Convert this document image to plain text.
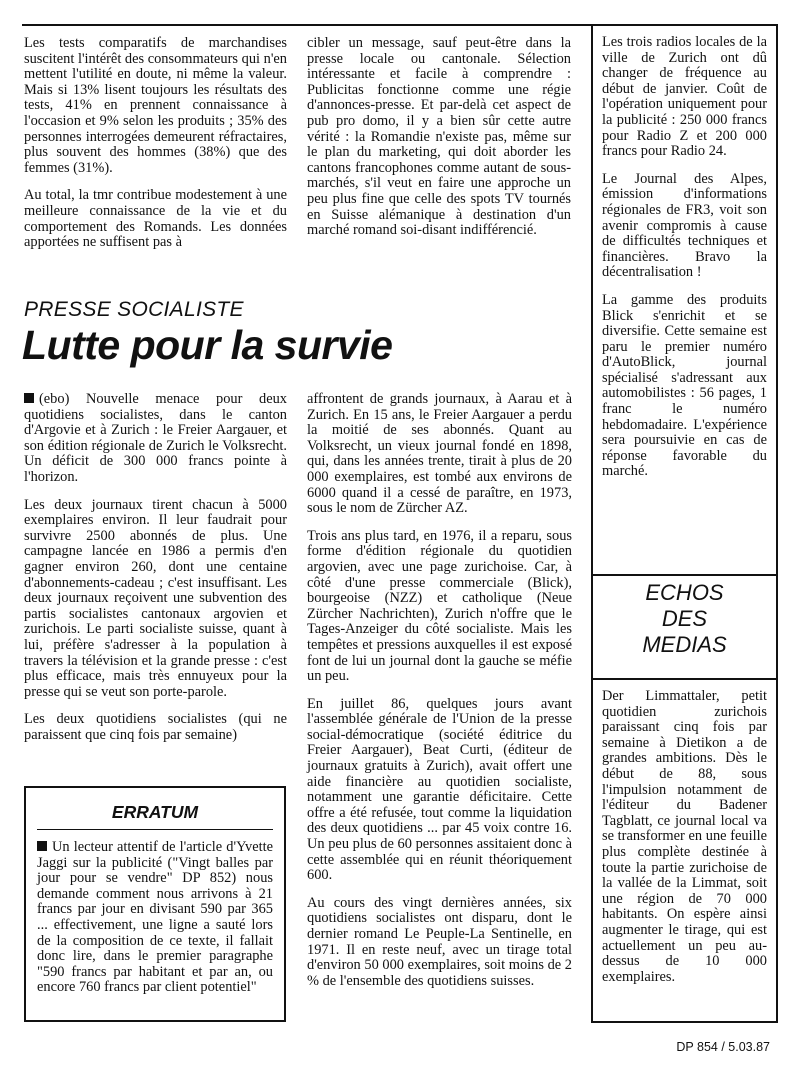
Les tests comparatifs de marchandises suscitent l'intérêt des consommateurs qui n'en mettent l'utilité en doute, ni même la valeur. Mais si 13% lisent toujours les résultats des tests, 41% en prennent connaissance à l'occasion et 9% selon les produits ; 35% des personnes interrogées demeurent réfractaires, plus souvent des hommes (38%) que des femmes (31%).

Au total, la tmr contribue modestement à une meilleure connaissance de la vie et du comportement des Romands. Les données apportées ne suffisent pas à

cibler un message, sauf peut-être dans la presse locale ou cantonale. Sélection intéressante et facile à comprendre : Publicitas fonctionne comme une régie d'annonces-presse. Et par-delà cet aspect de pub pro domo, il y a bien sûr cette autre vérité : la Romandie n'existe pas, même sur le plan du marketing, qui doit aborder les cantons francophones comme autant de sous-marchés, s'il veut en faire une approche un peu plus fine que celle des spots TV tournés en Suisse alémanique à destination d'un marché romand soi-disant indifférencié.

PRESSE SOCIALISTE
Lutte pour la survie

(ebo) Nouvelle menace pour deux quotidiens socialistes, dans le canton d'Argovie et à Zurich : le Freier Aargauer, et son édition régionale de Zurich le Volksrecht. Un déficit de 300 000 francs pointe à l'horizon.

Les deux journaux tirent chacun à 5000 exemplaires environ. Il leur faudrait pour survivre 2500 abonnés de plus. Une campagne lancée en 1986 a permis d'en gagner environ 260, dont une centaine d'abonnements-cadeau ; c'est insuffisant. Les deux journaux reçoivent une subvention des partis socialistes cantonaux argovien et zurichois. Le parti socialiste suisse, quant à lui, préfère s'adresser à la population à travers la télévision et la grande presse : c'est plus efficace, mais très ennuyeux pour la presse qui se veut son porte-parole.

Les deux quotidiens socialistes (qui ne paraissent que cinq fois par semaine)

affrontent de grands journaux, à Aarau et à Zurich. En 15 ans, le Freier Aargauer a perdu la moitié de ses abonnés. Quant au Volksrecht, un vieux journal fondé en 1898, qui, dans les années trente, tirait à plus de 20 000 exemplaires, est tombé aux environs de 6000 quand il a cessé de paraître, en 1973, sous le nom de Zürcher AZ.

Trois ans plus tard, en 1976, il a reparu, sous forme d'édition régionale du quotidien argovien, avec une page zurichoise. Car, à côté d'une presse commerciale (Blick), bourgeoise (NZZ) et catholique (Neue Zürcher Nachrichten), Zurich n'offre que le Tages-Anzeiger du côté socialiste. Mais les tempêtes et pressions auxquelles il est exposé font de lui un journal dont la gauche se méfie un peu.

En juillet 86, quelques jours avant l'assemblée générale de l'Union de la presse social-démocratique (société éditrice du Freier Aargauer), Beat Curti, (éditeur de journaux gratuits à Zurich), avait offert une aide financière au quotidien socialiste, notamment une garantie déficitaire. Cette offre a été refusée, tout comme la liquidation des deux quotidiens ... par 45 voix contre 16. Un peu plus de 60 personnes assitaient donc à cette assemblée qui en réunit théoriquement 600.

Au cours des vingt dernières années, six quotidiens socialistes ont disparu, dont le dernier romand Le Peuple-La Sentinelle, en 1971. Il en reste neuf, avec un tirage total d'environ 50 000 exemplaires, soit moins de 2 % de l'ensemble des quotidiens suisses.

ERRATUM
Un lecteur attentif de l'article d'Yvette Jaggi sur la publicité ("Vingt balles par jour pour se vendre" DP 852) nous demande comment nous arrivons à 21 francs par jour en divisant 590 par 365 ... effectivement, une ligne a sauté lors de la composition de ce texte, il fallait donc lire, dans le premier paragraphe "590 francs par habitant et par an, ou encore 760 francs par client potentiel"

Les trois radios locales de la ville de Zurich ont dû changer de fréquence au début de janvier. Coût de l'opération uniquement pour la publicité : 250 000 francs pour Radio Z et 200 000 francs pour Radio 24.

Le Journal des Alpes, émission d'informations régionales de FR3, voit son avenir compromis à cause de difficultés techniques et financières. Bravo la décentralisation !

La gamme des produits Blick s'enrichit et se diversifie. Cette semaine est paru le premier numéro d'AutoBlick, journal spécialisé s'adressant aux automobilistes : 56 pages, 1 franc le numéro hebdomadaire. L'expérience sera poursuivie en cas de réponse favorable du marché.

ECHOS
DES
MEDIAS

Der Limmattaler, petit quotidien zurichois paraissant cinq fois par semaine à Dietikon a de grandes ambitions. Dès le début de 88, sous l'impulsion notamment de l'éditeur du Badener Tagblatt, ce journal local va se transformer en une feuille plus complète destinée à toute la partie zurichoise de la vallée de la Limmat, soit une région de 70 000 habitants. On espère ainsi augmenter le tirage, qui est actuellement un peu au-dessus de 10 000 exemplaires.

DP 854 / 5.03.87
